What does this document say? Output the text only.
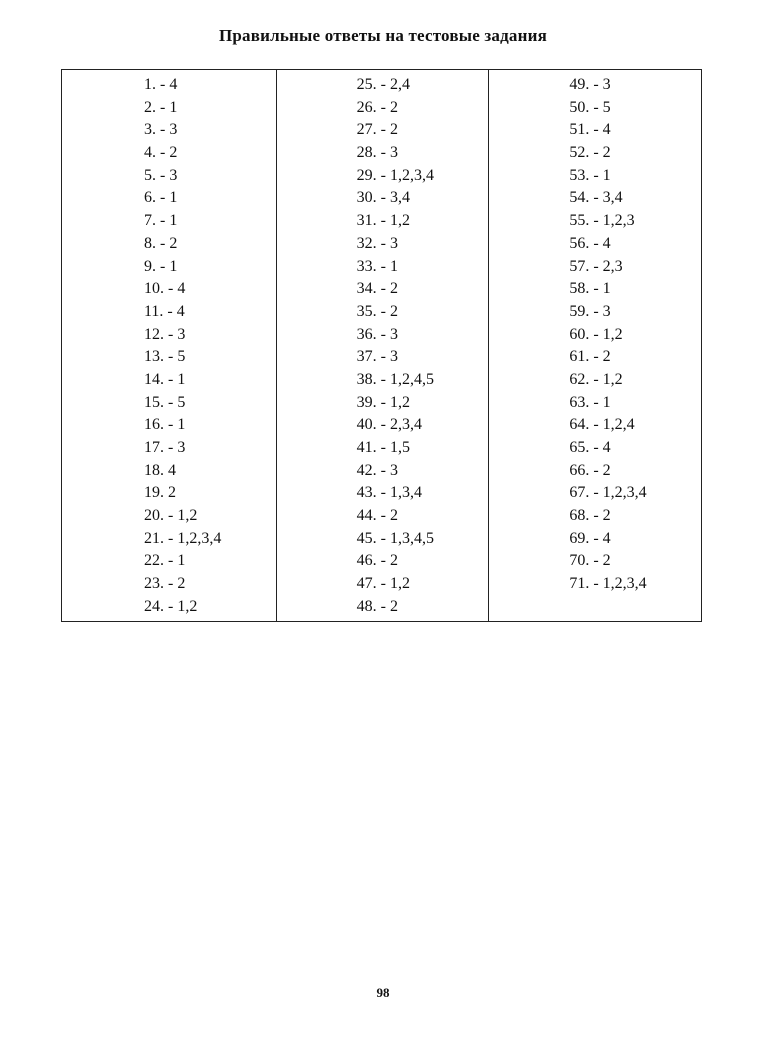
Правильные ответы на тестовые задания
1. - 4
2. - 1
3. - 3
4. - 2
5. - 3
6. - 1
7. - 1
8. - 2
9. - 1
10. - 4
11. - 4
12. - 3
13. - 5
14. - 1
15. - 5
16. - 1
17. - 3
18. 4
19. 2
20. - 1,2
21. - 1,2,3,4
22. - 1
23. - 2
24. - 1,2
25. - 2,4
26. - 2
27. - 2
28. - 3
29. - 1,2,3,4
30. - 3,4
31. - 1,2
32. - 3
33. - 1
34. - 2
35. - 2
36. - 3
37. - 3
38. - 1,2,4,5
39. - 1,2
40. - 2,3,4
41. - 1,5
42. - 3
43. - 1,3,4
44. - 2
45. - 1,3,4,5
46. - 2
47. - 1,2
48. - 2
49. - 3
50. - 5
51. - 4
52. - 2
53. - 1
54. - 3,4
55. - 1,2,3
56. - 4
57. - 2,3
58. - 1
59. - 3
60. - 1,2
61. - 2
62. - 1,2
63. - 1
64. - 1,2,4
65. - 4
66. - 2
67. - 1,2,3,4
68. - 2
69. - 4
70. - 2
71. - 1,2,3,4
98
